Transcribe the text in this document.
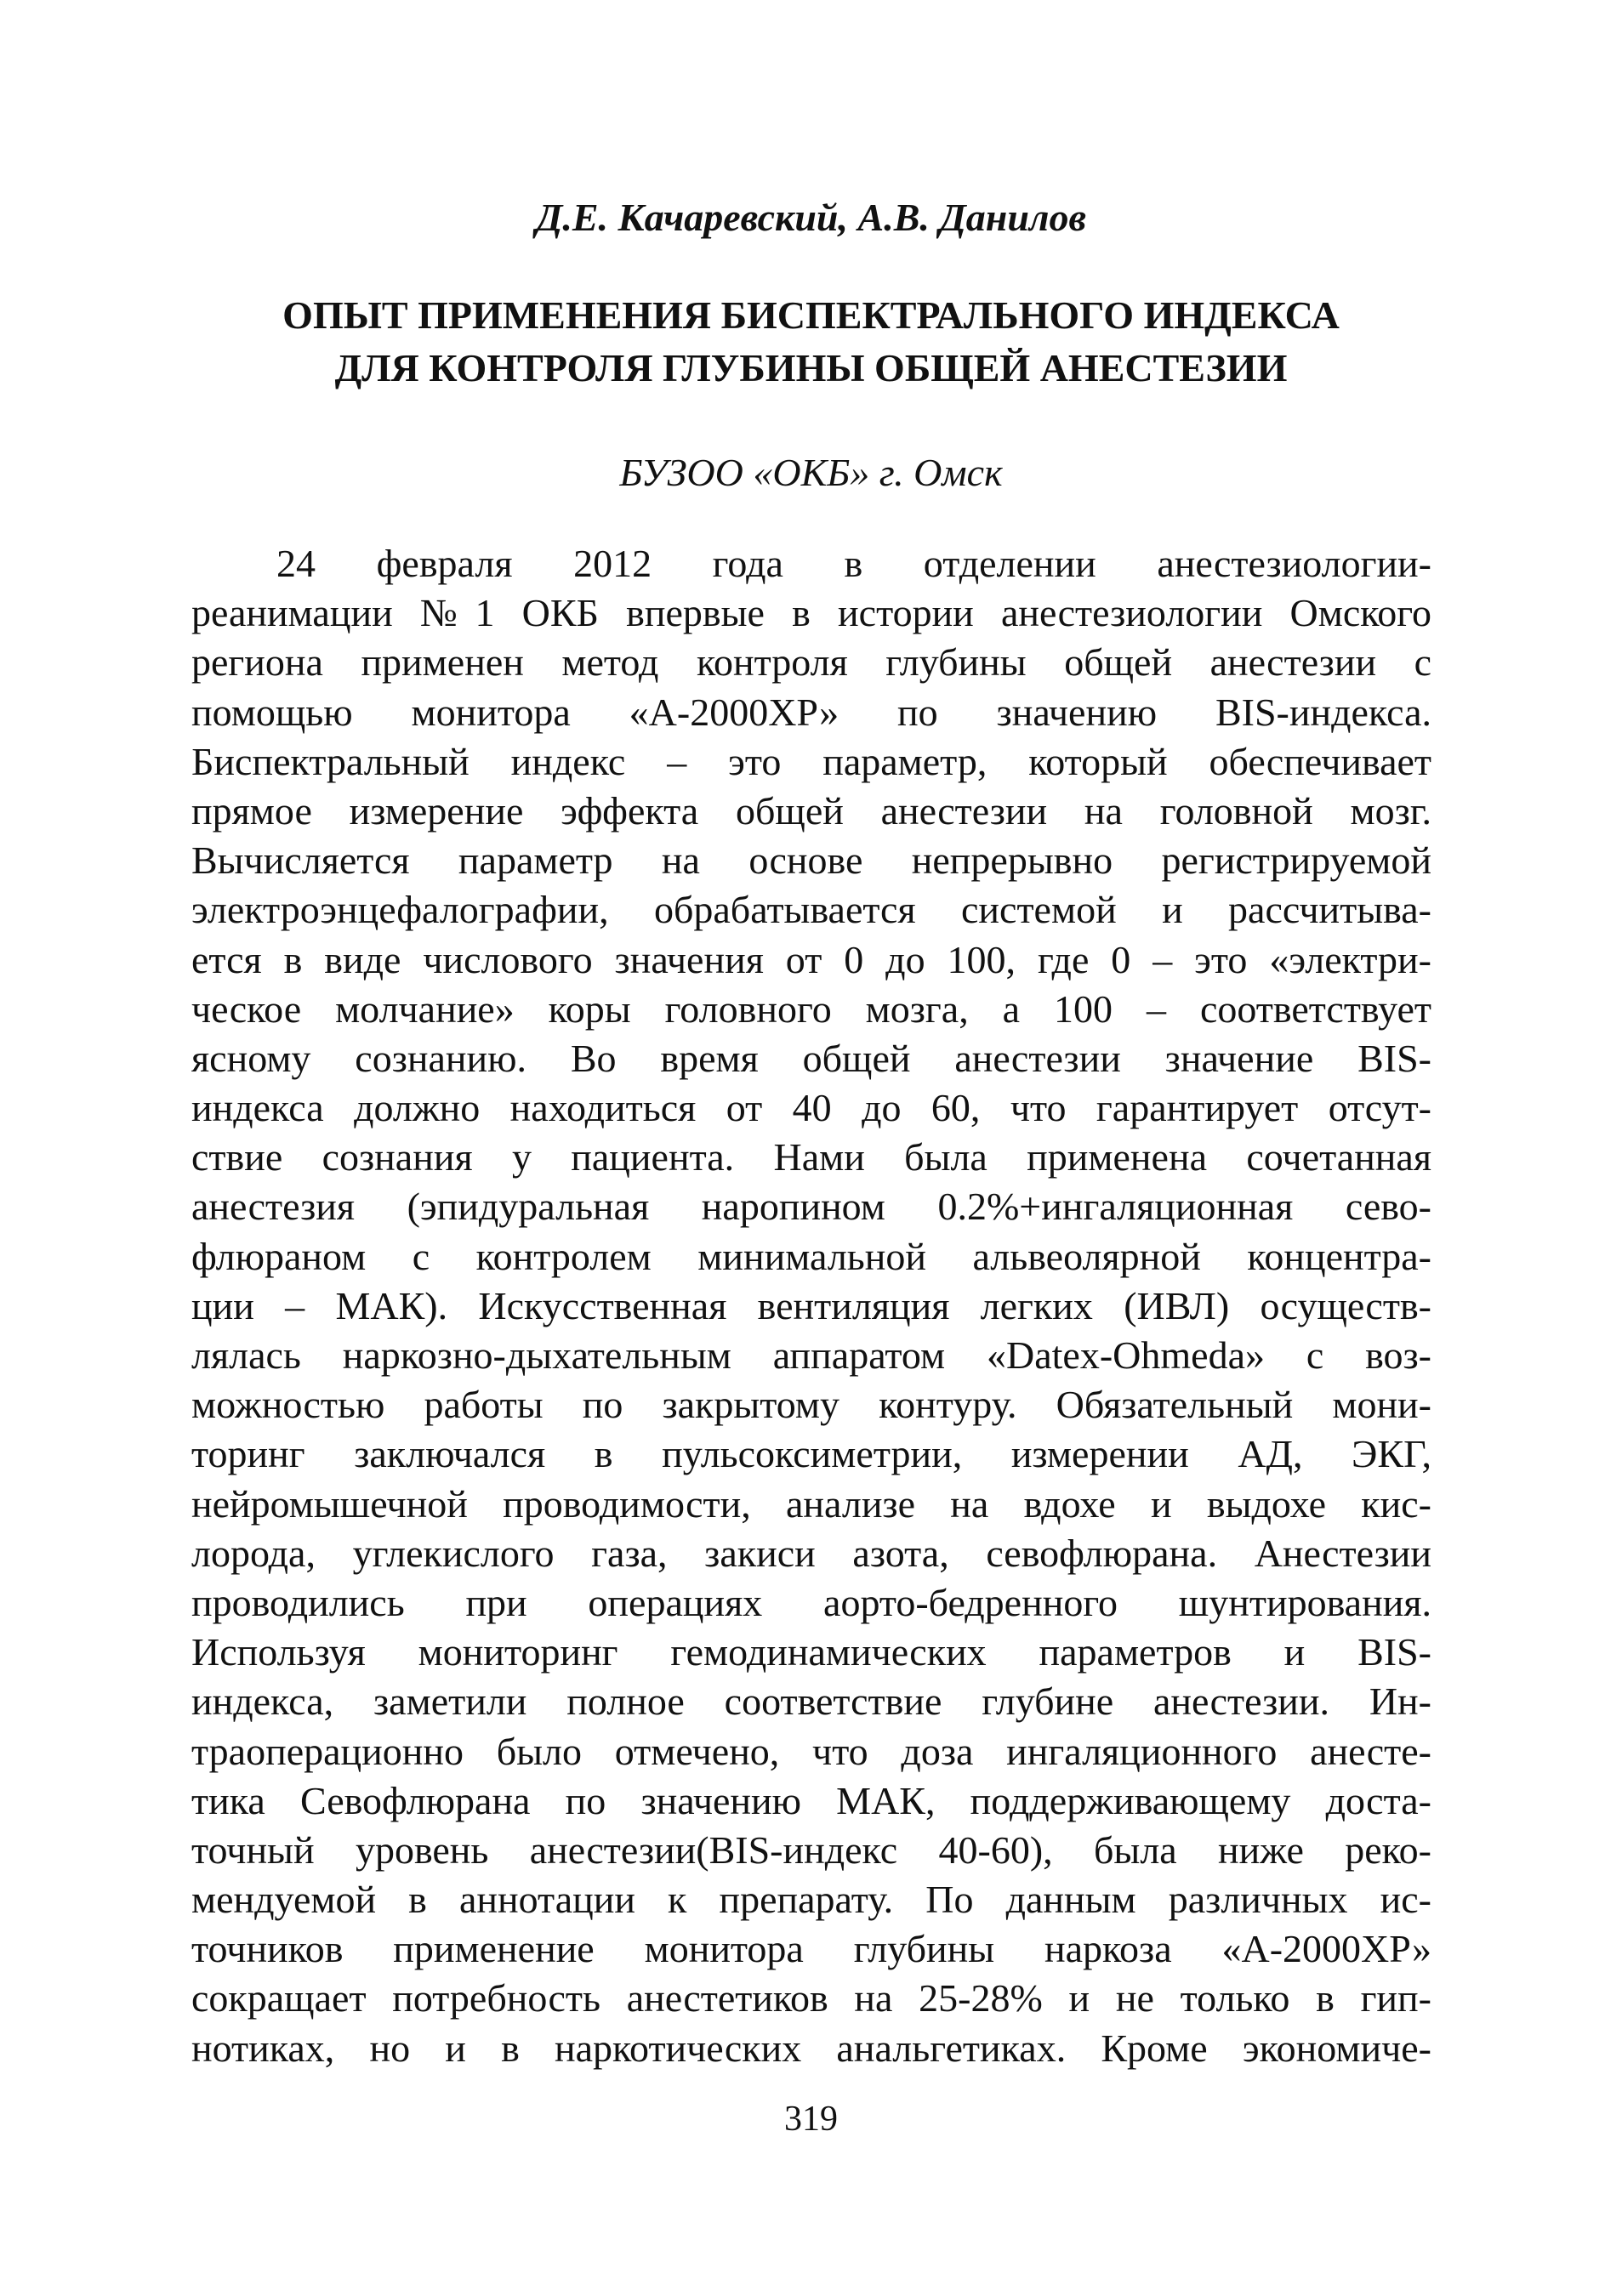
Д.Е. Качаревский, А.В. Данилов
ОПЫТ ПРИМЕНЕНИЯ БИСПЕКТРАЛЬНОГО ИНДЕКСА
ДЛЯ КОНТРОЛЯ ГЛУБИНЫ ОБЩЕЙ АНЕСТЕЗИИ
БУЗОО «ОКБ» г. Омск
24 февраля 2012 года в отделении анестезиологии-
реанимации №1 ОКБ впервые в истории анестезиологии Омского
региона применен метод контроля глубины общей анестезии с
помощью монитора «А-2000ХР» по значению BIS-индекса.
Биспектральный индекс – это параметр, который обеспечивает
прямое измерение эффекта общей анестезии на головной мозг.
Вычисляется параметр на основе непрерывно регистрируемой
электроэнцефалографии, обрабатывается системой и рассчитыва-
ется в виде числового значения от 0 до 100, где 0 – это «электри-
ческое молчание» коры головного мозга, а 100 – соответствует
ясному сознанию. Во время общей анестезии значение BIS-
индекса должно находиться от 40 до 60, что гарантирует отсут-
ствие сознания у пациента. Нами была применена сочетанная
анестезия (эпидуральная наропином 0.2%+ингаляционная сево-
флюраном с контролем минимальной альвеолярной концентра-
ции – МАК). Искусственная вентиляция легких (ИВЛ) осуществ-
лялась наркозно-дыхательным аппаратом «Datex-Ohmeda» с воз-
можностью работы по закрытому контуру. Обязательный мони-
торинг заключался в пульсоксиметрии, измерении АД, ЭКГ,
нейромышечной проводимости, анализе на вдохе и выдохе кис-
лорода, углекислого газа, закиси азота, севофлюрана. Анестезии
проводились при операциях аорто-бедренного шунтирования.
Используя мониторинг гемодинамических параметров и BIS-
индекса, заметили полное соответствие глубине анестезии. Ин-
траоперационно было отмечено, что доза ингаляционного анесте-
тика Севофлюрана по значению МАК, поддерживающему доста-
точный уровень анестезии(BIS-индекс 40-60), была ниже реко-
мендуемой в аннотации к препарату. По данным различных ис-
точников применение монитора глубины наркоза «А-2000ХР»
сокращает потребность анестетиков на 25-28% и не только в гип-
нотиках, но и в наркотических анальгетиках. Кроме экономиче-
319
